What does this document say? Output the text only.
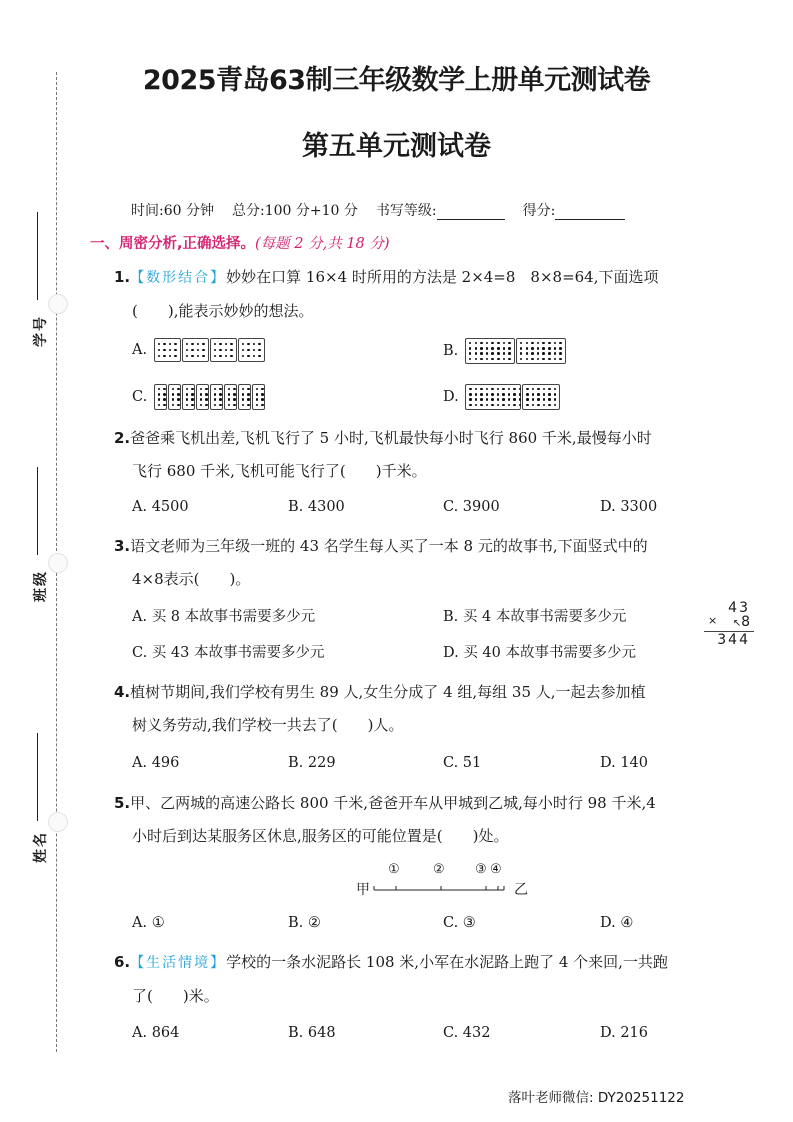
学号
班级
姓名
2025青岛63制三年级数学上册单元测试卷
第五单元测试卷
时间:60 分钟 总分:100 分+10 分 书写等级:	得分:
一、周密分析,正确选择。(每题 2 分,共 18 分)
1.【数形结合】妙妙在口算 16×4 时所用的方法是 2×4=8　8×8=64,下面选项
(　　),能表示妙妙的想法。
A.	B.
C.	D.
2.爸爸乘飞机出差,飞机飞行了 5 小时,飞机最快每小时飞行 860 千米,最慢每小时
飞行 680 千米,飞机可能飞行了(　　)千米。
A. 4500	B. 4300	C. 3900	D. 3300
3.语文老师为三年级一班的 43 名学生每人买了一本 8 元的故事书,下面竖式中的
4×8表示(　　)。
A. 买 8 本故事书需要多少元	B. 买 4 本故事书需要多少元
C. 买 43 本故事书需要多少元	D. 买 40 本故事书需要多少元
43
× ↖8
344
4.植树节期间,我们学校有男生 89 人,女生分成了 4 组,每组 35 人,一起去参加植
树义务劳动,我们学校一共去了(　　)人。
A. 496	B. 229	C. 51	D. 140
5.甲、乙两城的高速公路长 800 千米,爸爸开车从甲城到乙城,每小时行 98 千米,4
小时后到达某服务区休息,服务区的可能位置是(　　)处。
甲
①	② ③ ④
乙
A. ①	B. ②	C. ③	D. ④
6.【生活情境】学校的一条水泥路长 108 米,小军在水泥路上跑了 4 个来回,一共跑
了(　　)米。
A. 864	B. 648	C. 432	D. 216
落叶老师微信: DY20251122
